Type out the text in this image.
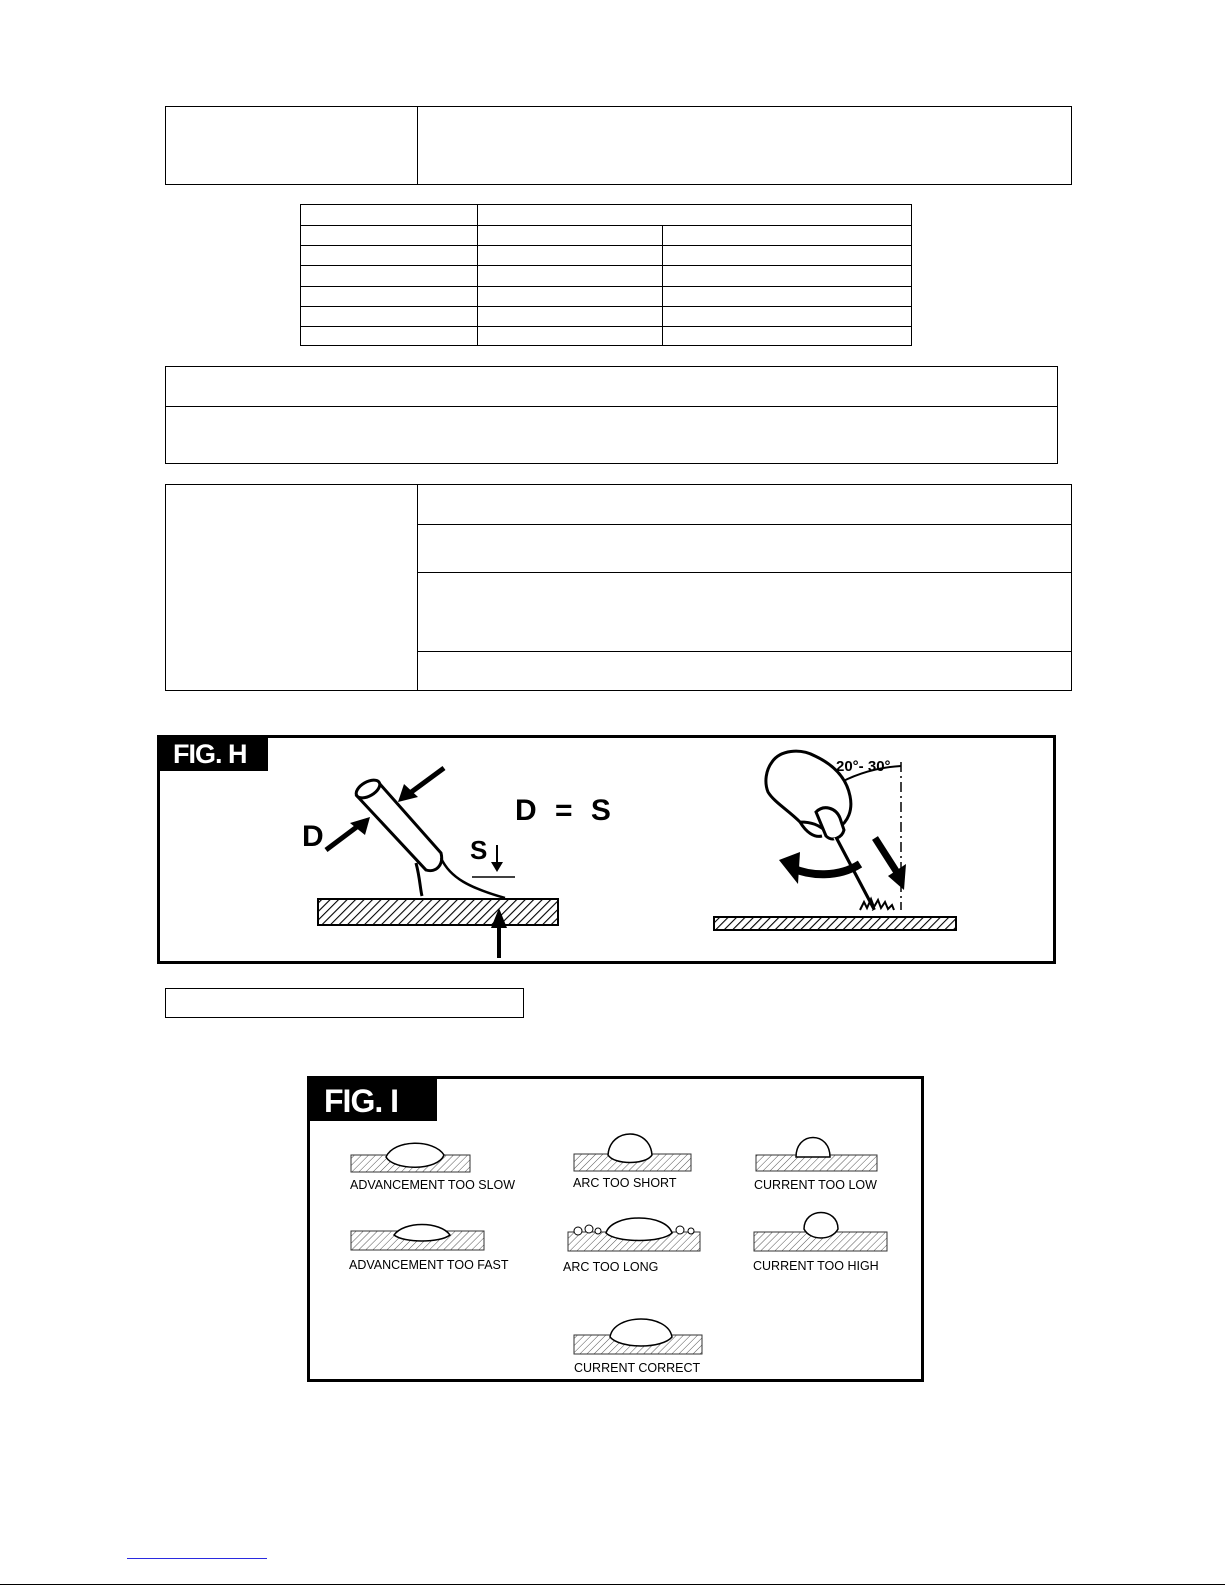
FIG. H
D	S
D = S
20°- 30°
FIG. I
ADVANCEMENT TOO SLOW	ARC TOO SHORT	CURRENT TOO LOW
ADVANCEMENT TOO FAST	ARC TOO LONG	CURRENT TOO HIGH
CURRENT CORRECT
